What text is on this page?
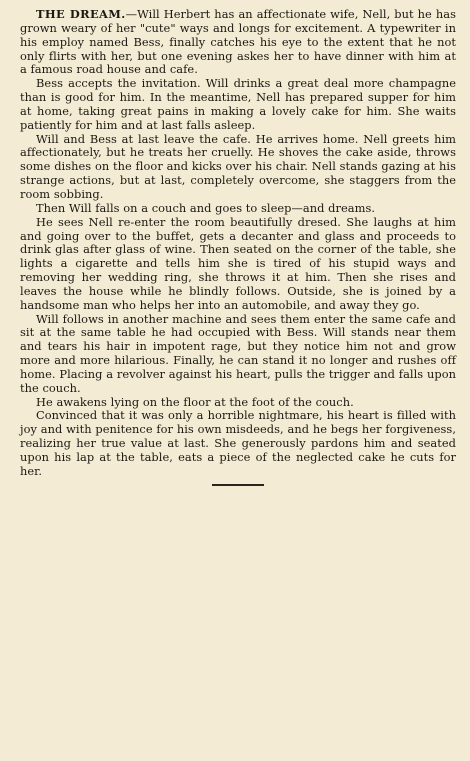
THE DREAM.—Will Herbert has an affectionate wife, Nell, but he has grown weary of her "cute" ways and longs for excitement. A typewriter in his employ named Bess, finally catches his eye to the extent that he not only flirts with her, but one evening askes her to have dinner with him at a famous road house and cafe.

Bess accepts the invitation. Will drinks a great deal more champagne than is good for him. In the meantime, Nell has prepared supper for him at home, taking great pains in making a lovely cake for him. She waits patiently for him and at last falls asleep.

Will and Bess at last leave the cafe. He arrives home. Nell greets him affectionately, but he treats her cruelly. He shoves the cake aside, throws some dishes on the floor and kicks over his chair. Nell stands gazing at his strange actions, but at last, completely overcome, she staggers from the room sobbing.

Then Will falls on a couch and goes to sleep—and dreams.

He sees Nell re-enter the room beautifully dresed. She laughs at him and going over to the buffet, gets a decanter and glass and proceeds to drink glas after glass of wine. Then seated on the corner of the table, she lights a cigarette and tells him she is tired of his stupid ways and removing her wedding ring, she throws it at him. Then she rises and leaves the house while he blindly follows. Outside, she is joined by a handsome man who helps her into an automobile, and away they go.

Will follows in another machine and sees them enter the same cafe and sit at the same table he had occupied with Bess. Will stands near them and tears his hair in impotent rage, but they notice him not and grow more and more hilarious. Finally, he can stand it no longer and rushes off home. Placing a revolver against his heart, pulls the trigger and falls upon the couch.

He awakens lying on the floor at the foot of the couch.

Convinced that it was only a horrible nightmare, his heart is filled with joy and with penitence for his own misdeeds, and he begs her forgiveness, realizing her true value at last. She generously pardons him and seated upon his lap at the table, eats a piece of the neglected cake he cuts for her.
